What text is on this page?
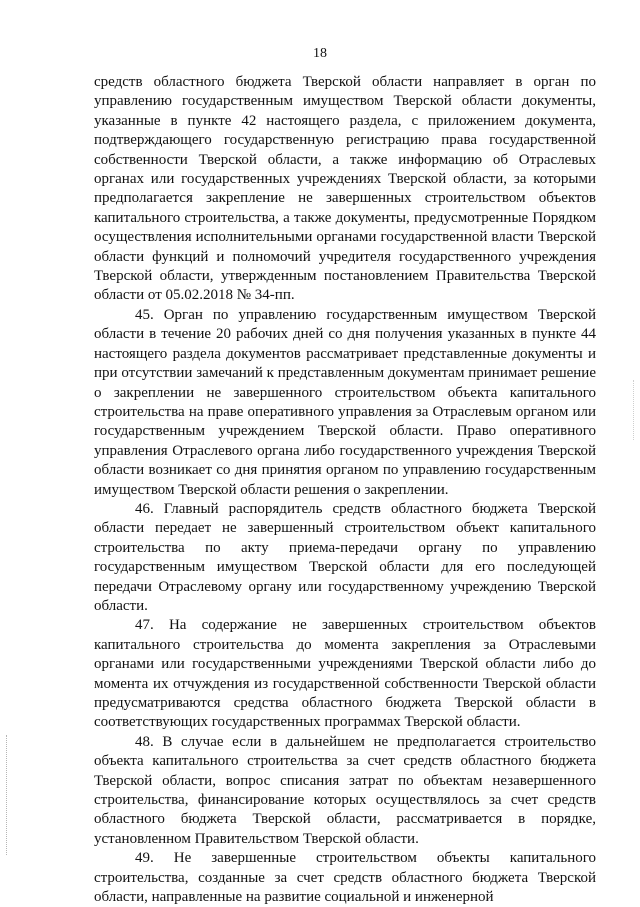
18

средств областного бюджета Тверской области направляет в орган по управлению государственным имуществом Тверской области документы, указанные в пункте 42 настоящего раздела, с приложением документа, подтверждающего государственную регистрацию права государственной собственности Тверской области, а также информацию об Отраслевых органах или государственных учреждениях Тверской области, за которыми предполагается закрепление не завершенных строительством объектов капитального строительства, а также документы, предусмотренные Порядком осуществления исполнительными органами государственной власти Тверской области функций и полномочий учредителя государственного учреждения Тверской области, утвержденным постановлением Правительства Тверской области от 05.02.2018 № 34-пп.

45. Орган по управлению государственным имуществом Тверской области в течение 20 рабочих дней со дня получения указанных в пункте 44 настоящего раздела документов рассматривает представленные документы и при отсутствии замечаний к представленным документам принимает решение о закреплении не завершенного строительством объекта капитального строительства на праве оперативного управления за Отраслевым органом или государственным учреждением Тверской области. Право оперативного управления Отраслевого органа либо государственного учреждения Тверской области возникает со дня принятия органом по управлению государственным имуществом Тверской области решения о закреплении.

46. Главный распорядитель средств областного бюджета Тверской области передает не завершенный строительством объект капитального строительства по акту приема-передачи органу по управлению государственным имуществом Тверской области для его последующей передачи Отраслевому органу или государственному учреждению Тверской области.

47. На содержание не завершенных строительством объектов капитального строительства до момента закрепления за Отраслевыми органами или государственными учреждениями Тверской области либо до момента их отчуждения из государственной собственности Тверской области предусматриваются средства областного бюджета Тверской области в соответствующих государственных программах Тверской области.

48. В случае если в дальнейшем не предполагается строительство объекта капитального строительства за счет средств областного бюджета Тверской области, вопрос списания затрат по объектам незавершенного строительства, финансирование которых осуществлялось за счет средств областного бюджета Тверской области, рассматривается в порядке, установленном Правительством Тверской области.

49. Не завершенные строительством объекты капитального строительства, созданные за счет средств областного бюджета Тверской области, направленные на развитие социальной и инженерной
